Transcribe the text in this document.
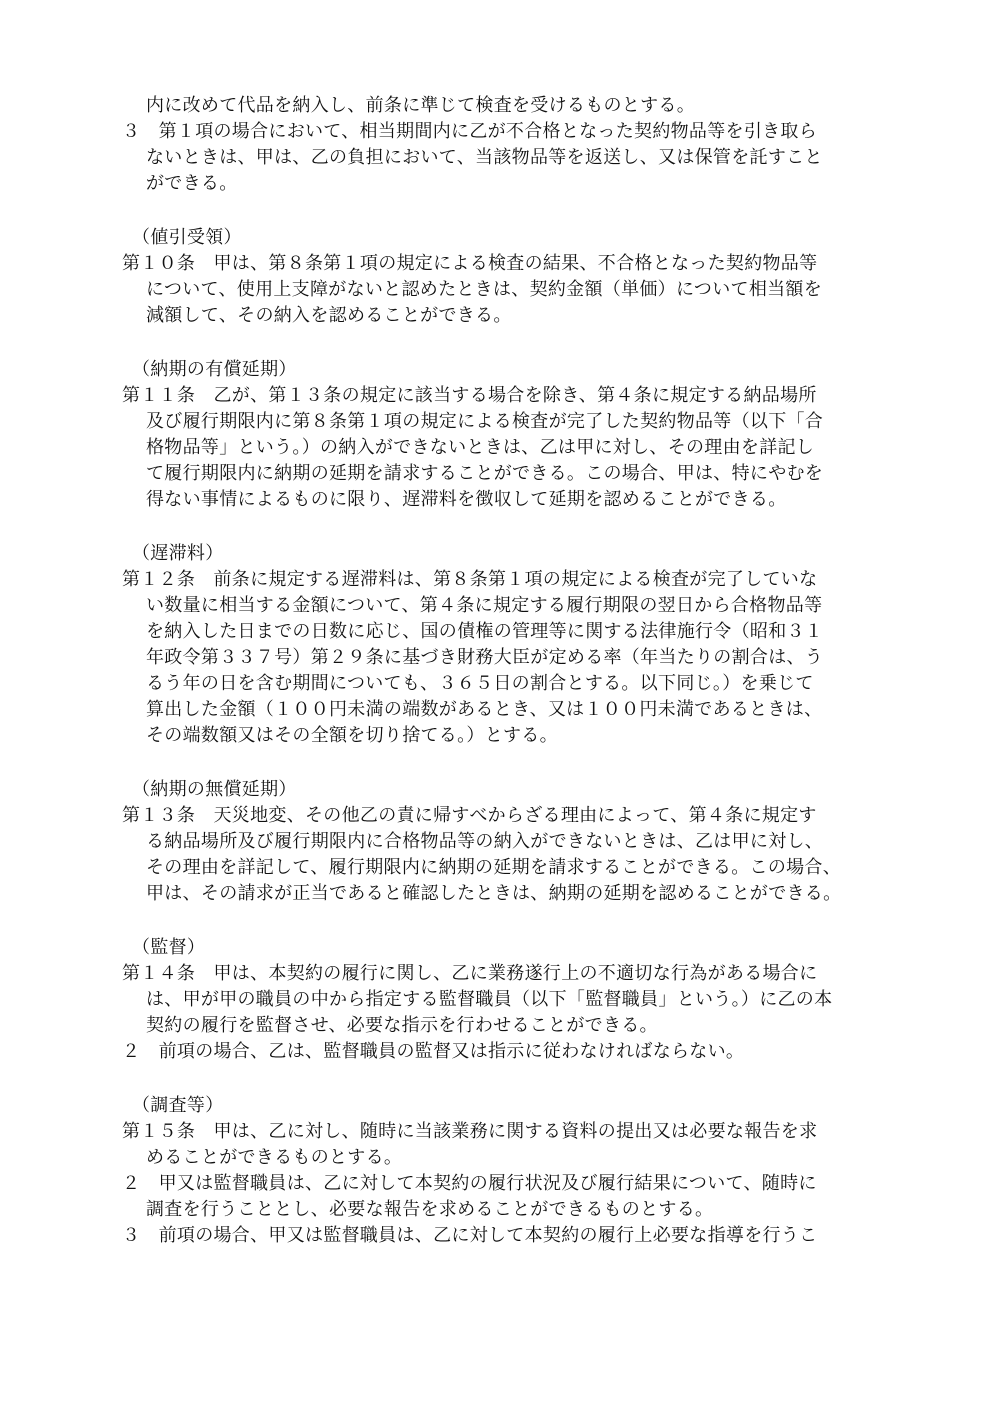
内に改めて代品を納入し、前条に準じて検査を受けるものとする。
３　第１項の場合において、相当期間内に乙が不合格となった契約物品等を引き取ら
ないときは、甲は、乙の負担において、当該物品等を返送し、又は保管を託すこと
ができる。
（値引受領）
第１０条　甲は、第８条第１項の規定による検査の結果、不合格となった契約物品等
について、使用上支障がないと認めたときは、契約金額（単価）について相当額を
減額して、その納入を認めることができる。
（納期の有償延期）
第１１条　乙が、第１３条の規定に該当する場合を除き、第４条に規定する納品場所
及び履行期限内に第８条第１項の規定による検査が完了した契約物品等（以下「合
格物品等」という。）の納入ができないときは、乙は甲に対し、その理由を詳記し
て履行期限内に納期の延期を請求することができる。この場合、甲は、特にやむを
得ない事情によるものに限り、遅滞料を徴収して延期を認めることができる。
（遅滞料）
第１２条　前条に規定する遅滞料は、第８条第１項の規定による検査が完了していな
い数量に相当する金額について、第４条に規定する履行期限の翌日から合格物品等
を納入した日までの日数に応じ、国の債権の管理等に関する法律施行令（昭和３１
年政令第３３７号）第２９条に基づき財務大臣が定める率（年当たりの割合は、う
るう年の日を含む期間についても、３６５日の割合とする。以下同じ。）を乗じて
算出した金額（１００円未満の端数があるとき、又は１００円未満であるときは、
その端数額又はその全額を切り捨てる。）とする。
（納期の無償延期）
第１３条　天災地変、その他乙の責に帰すべからざる理由によって、第４条に規定す
る納品場所及び履行期限内に合格物品等の納入ができないときは、乙は甲に対し、
その理由を詳記して、履行期限内に納期の延期を請求することができる。この場合、
甲は、その請求が正当であると確認したときは、納期の延期を認めることができる。
（監督）
第１４条　甲は、本契約の履行に関し、乙に業務遂行上の不適切な行為がある場合に
は、甲が甲の職員の中から指定する監督職員（以下「監督職員」という。）に乙の本
契約の履行を監督させ、必要な指示を行わせることができる。
２　前項の場合、乙は、監督職員の監督又は指示に従わなければならない。
（調査等）
第１５条　甲は、乙に対し、随時に当該業務に関する資料の提出又は必要な報告を求
めることができるものとする。
２　甲又は監督職員は、乙に対して本契約の履行状況及び履行結果について、随時に
調査を行うこととし、必要な報告を求めることができるものとする。
３　前項の場合、甲又は監督職員は、乙に対して本契約の履行上必要な指導を行うこ
